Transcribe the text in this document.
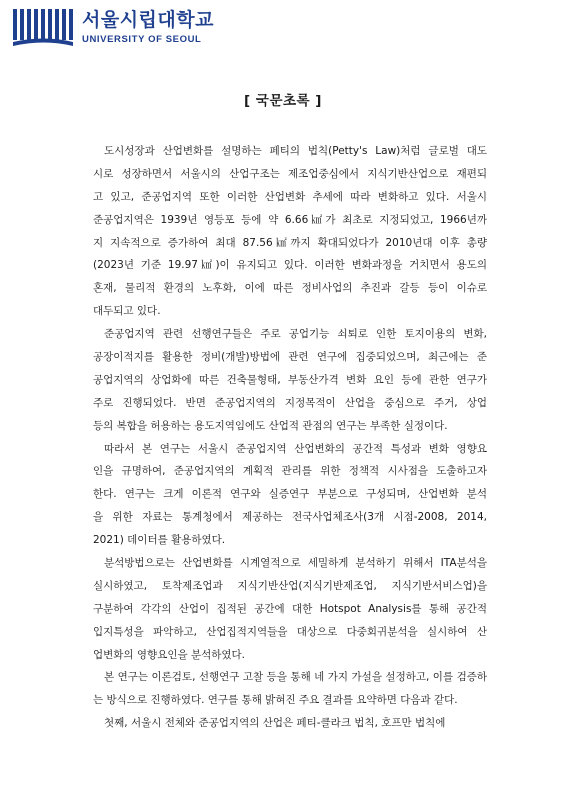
서울시립대학교
UNIVERSITY OF SEOUL
[ 국문초록 ]
도시성장과 산업변화를 설명하는 페티의 법칙(Petty's Law)처럼 글로벌 대도
시로 성장하면서 서울시의 산업구조는 제조업중심에서 지식기반산업으로 재편되
고 있고, 준공업지역 또한 이러한 산업변화 추세에 따라 변화하고 있다. 서울시
준공업지역은 1939년 영등포 등에 약 6.66㎢가 최초로 지정되었고, 1966년까
지 지속적으로 증가하여 최대 87.56㎢까지 확대되었다가 2010년대 이후 총량
(2023년 기준 19.97㎢)이 유지되고 있다. 이러한 변화과정을 거치면서 용도의
혼재, 물리적 환경의 노후화, 이에 따른 정비사업의 추진과 갈등 등이 이슈로
대두되고 있다.
준공업지역 관련 선행연구들은 주로 공업기능 쇠퇴로 인한 토지이용의 변화,
공장이적지를 활용한 정비(개발)방법에 관련 연구에 집중되었으며, 최근에는 준
공업지역의 상업화에 따른 건축물형태, 부동산가격 변화 요인 등에 관한 연구가
주로 진행되었다. 반면 준공업지역의 지정목적이 산업을 중심으로 주거, 상업
등의 복합을 허용하는 용도지역임에도 산업적 관점의 연구는 부족한 실정이다.
따라서 본 연구는 서울시 준공업지역 산업변화의 공간적 특성과 변화 영향요
인을 규명하여, 준공업지역의 계획적 관리를 위한 정책적 시사점을 도출하고자
한다. 연구는 크게 이론적 연구와 실증연구 부분으로 구성되며, 산업변화 분석
을 위한 자료는 통계청에서 제공하는 전국사업체조사(3개 시점-2008, 2014,
2021) 데이터를 활용하였다.
분석방법으로는 산업변화를 시계열적으로 세밀하게 분석하기 위해서 ITA분석을
실시하였고, 토착제조업과 지식기반산업(지식기반제조업, 지식기반서비스업)을
구분하여 각각의 산업이 집적된 공간에 대한 Hotspot Analysis를 통해 공간적
입지특성을 파악하고, 산업집적지역들을 대상으로 다중회귀분석을 실시하여 산
업변화의 영향요인을 분석하였다.
본 연구는 이론검토, 선행연구 고찰 등을 통해 네 가지 가설을 설정하고, 이를 검증하
는 방식으로 진행하였다. 연구를 통해 밝혀진 주요 결과를 요약하면 다음과 같다.
첫째, 서울시 전체와 준공업지역의 산업은 페티-클라크 법칙, 호프만 법칙에
